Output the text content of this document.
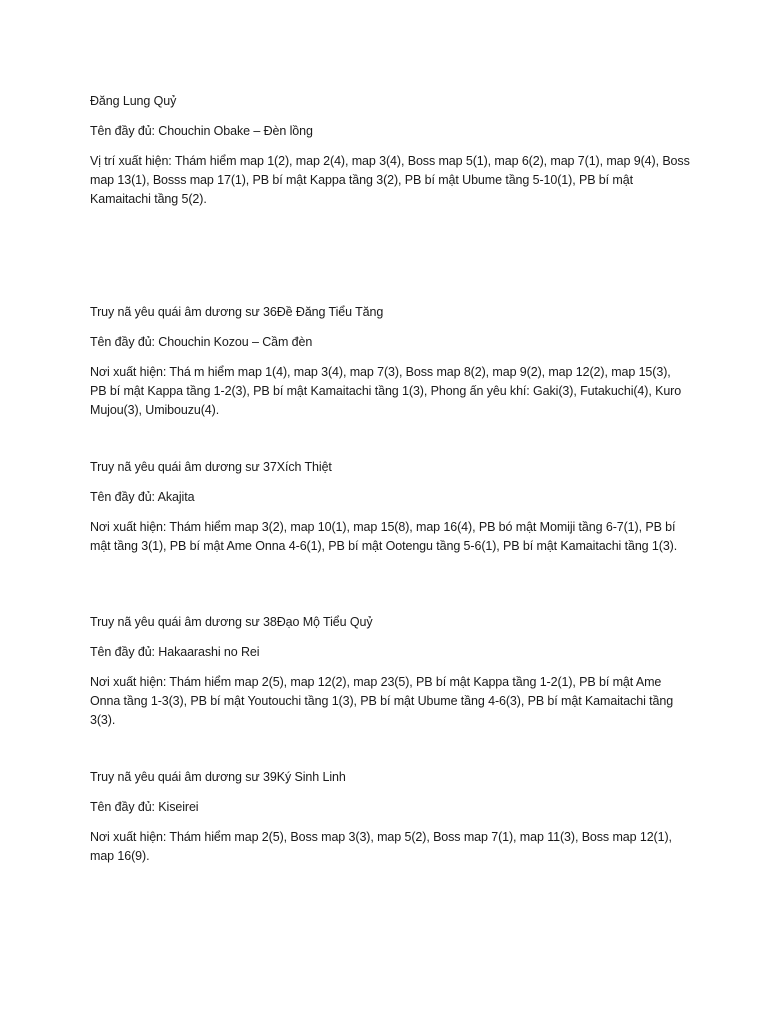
Đăng Lung Quỷ

Tên đầy đủ: Chouchin Obake – Đèn lồng

Vị trí xuất hiện: Thám hiểm map 1(2), map 2(4), map 3(4), Boss map 5(1), map 6(2), map 7(1), map 9(4), Boss map 13(1), Bosss map 17(1), PB bí mật Kappa tầng 3(2), PB bí mật Ubume tầng 5-10(1), PB bí mật Kamaitachi tầng 5(2).

Truy nã yêu quái âm dương sư 36Đề Đăng Tiểu Tăng

Tên đầy đủ: Chouchin Kozou – Cầm đèn

Nơi xuất hiện: Thá m hiểm map 1(4), map 3(4), map 7(3), Boss map 8(2), map 9(2), map 12(2), map 15(3), PB bí mật Kappa tầng 1-2(3), PB bí mật Kamaitachi tầng 1(3), Phong ấn yêu khí: Gaki(3), Futakuchi(4), Kuro Mujou(3), Umibouzu(4).

Truy nã yêu quái âm dương sư 37Xích Thiệt

Tên đầy đủ: Akajita

Nơi xuất hiện: Thám hiểm map 3(2), map 10(1), map 15(8), map 16(4), PB bó mật Momiji tầng 6-7(1), PB bí mật tầng 3(1), PB bí mật Ame Onna 4-6(1), PB bí mật Ootengu tầng 5-6(1), PB bí mật Kamaitachi tầng 1(3).

Truy nã yêu quái âm dương sư 38Đạo Mộ Tiểu Quỷ

Tên đầy đủ: Hakaarashi no Rei

Nơi xuất hiện: Thám hiểm map 2(5), map 12(2), map 23(5), PB bí mật Kappa tầng 1-2(1), PB bí mật Ame Onna tầng 1-3(3), PB bí mật Youtouchi tầng 1(3), PB bí mật Ubume tầng 4-6(3), PB bí mật Kamaitachi tầng 3(3).

Truy nã yêu quái âm dương sư 39Ký Sinh Linh

Tên đầy đủ: Kiseirei

Nơi xuất hiện: Thám hiểm map 2(5), Boss map 3(3), map 5(2), Boss map 7(1), map 11(3), Boss map 12(1), map 16(9).
